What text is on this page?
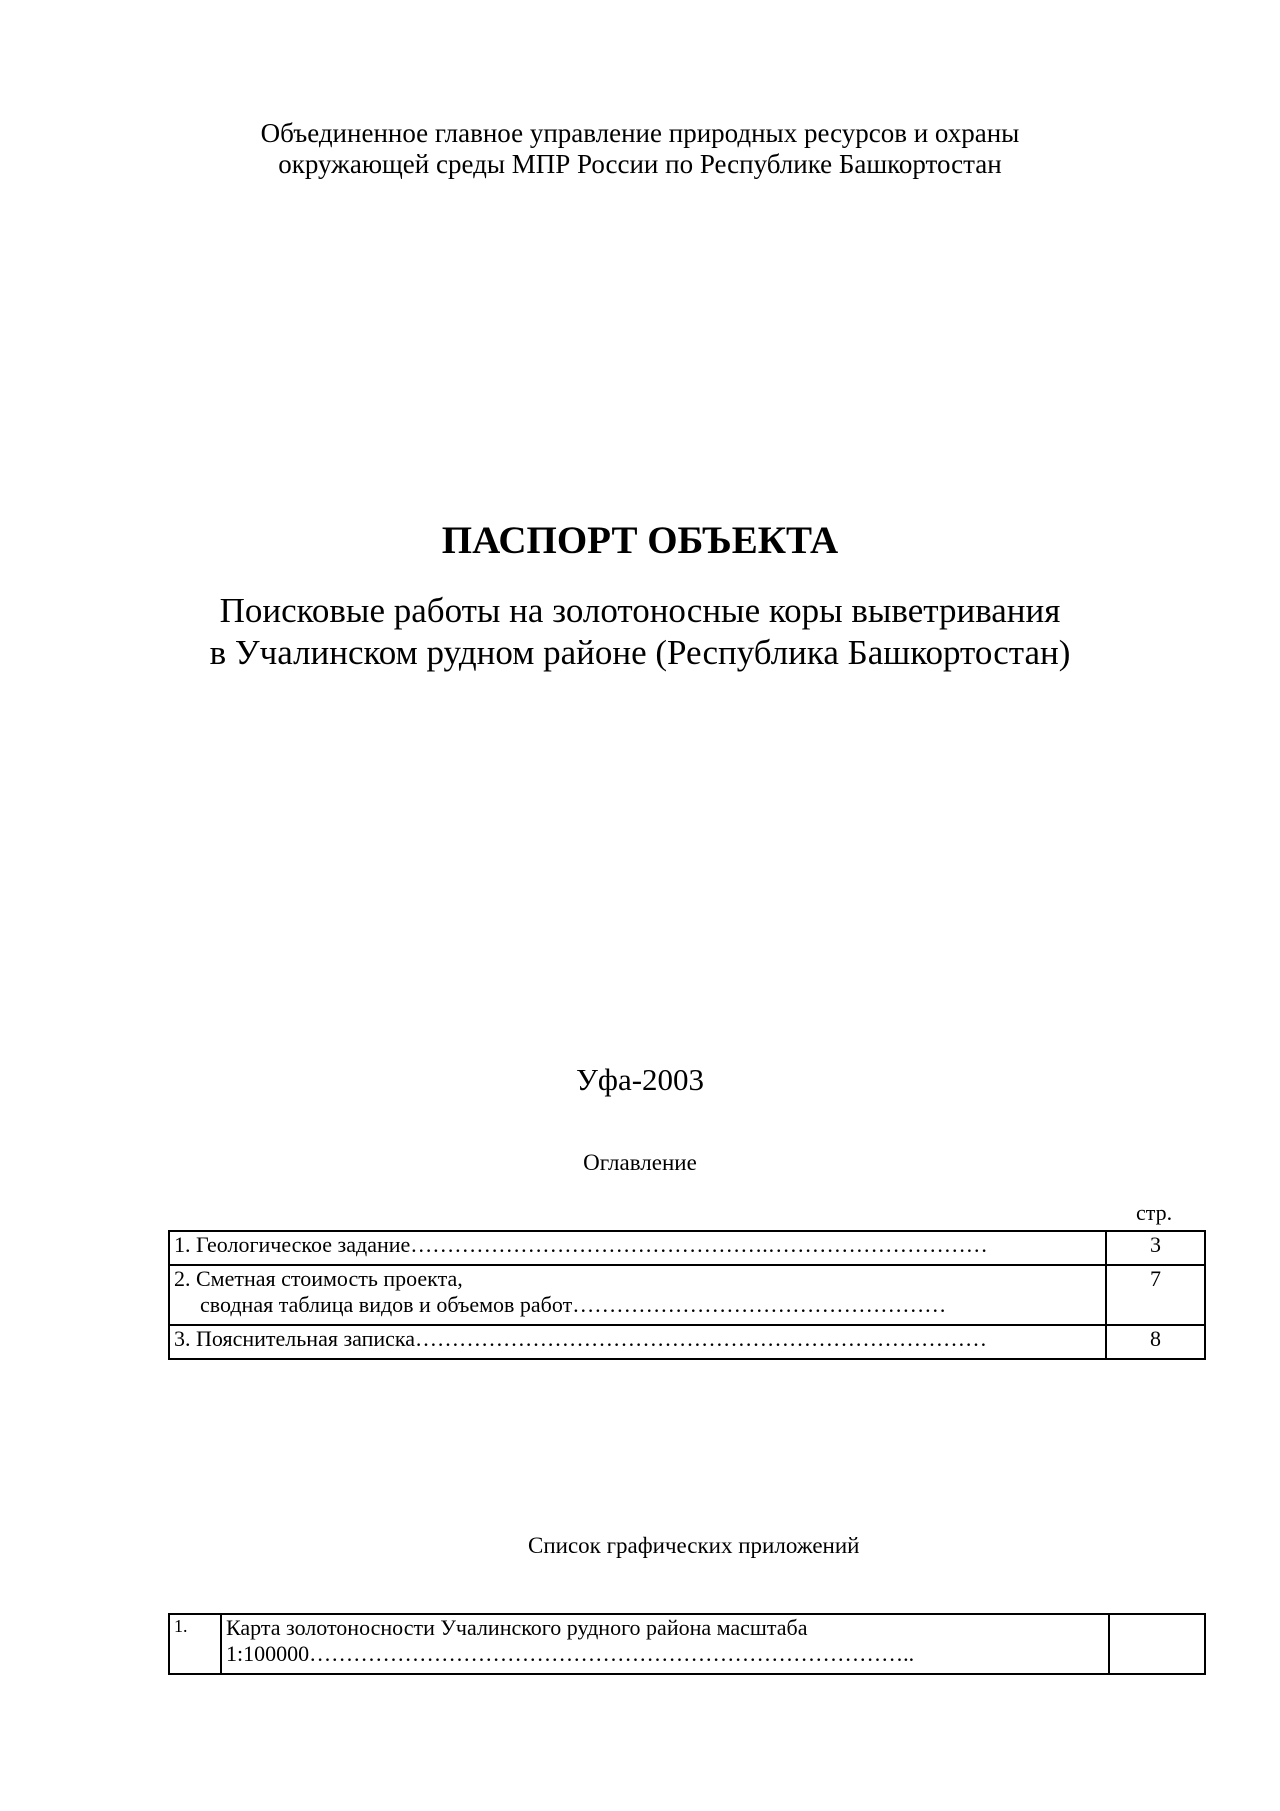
Объединенное главное управление природных ресурсов и охраны
окружающей среды МПР России по Республике Башкортостан
ПАСПОРТ ОБЪЕКТА
Поисковые работы на золотоносные коры выветривания
в Учалинском рудном районе (Республика Башкортостан)
Уфа-2003
Оглавление
стр.
1. Геологическое задание………………………………………….…………………………	3

2. Сметная стоимость проекта,
сводная таблица видов и объемов работ……………………………………………	7

3. Пояснительная записка……………………………………………………………………	8
Список графических приложений
1.	Карта золотоносности Учалинского рудного района масштаба
1:100000………………………………………………………………………..
